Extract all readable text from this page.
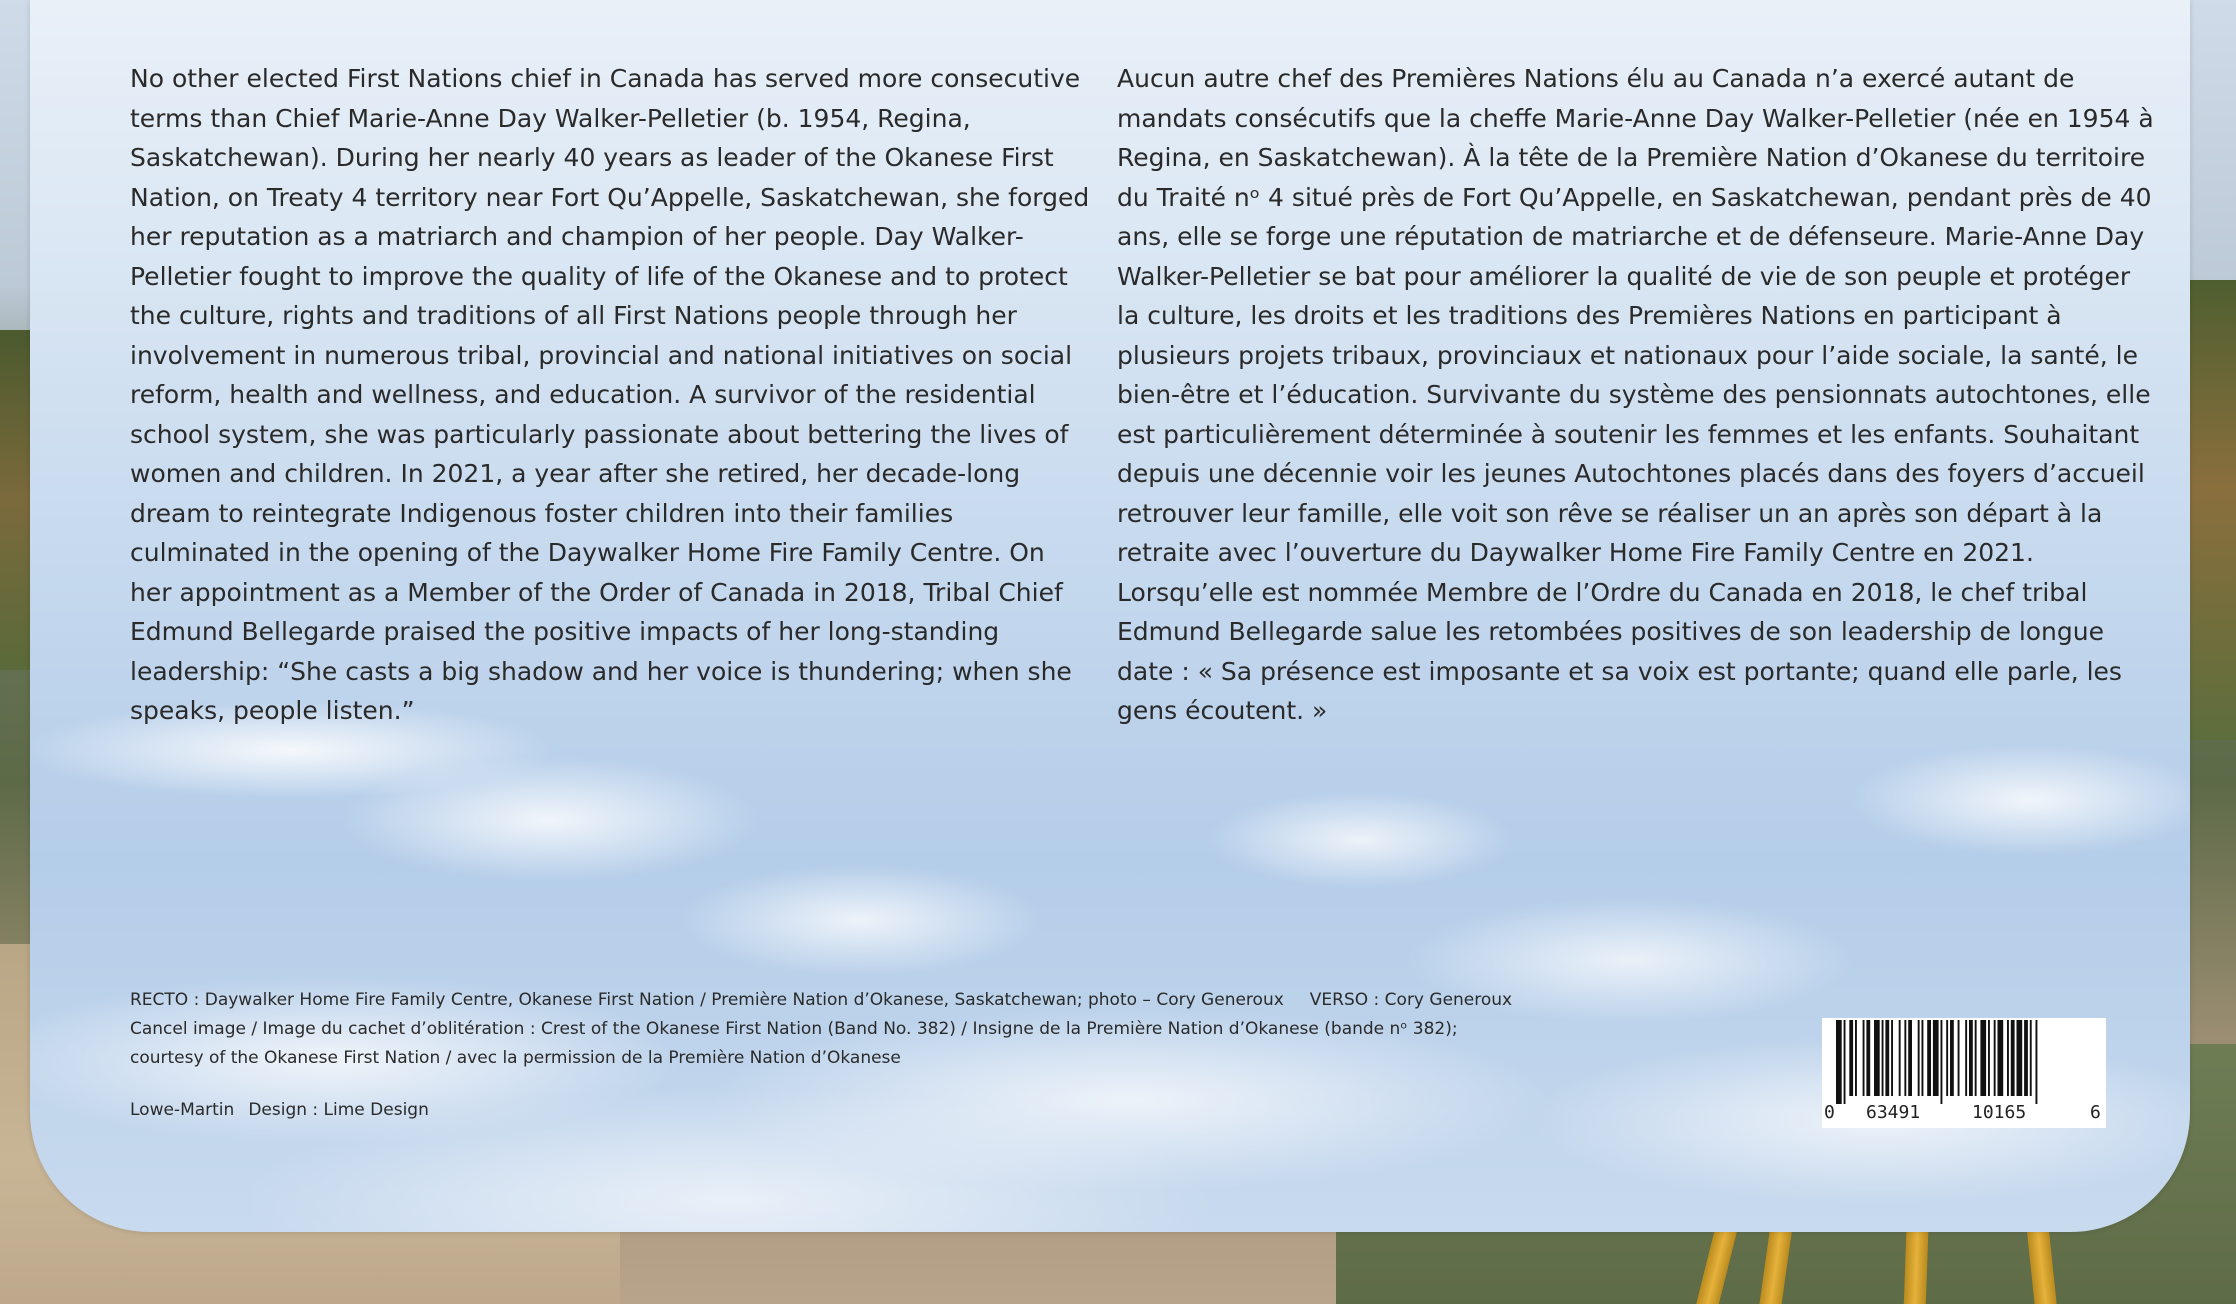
No other elected First Nations chief in Canada has served more consecutive terms than Chief Marie-Anne Day Walker-Pelletier (b. 1954, Regina, Saskatchewan). During her nearly 40 years as leader of the Okanese First Nation, on Treaty 4 territory near Fort Qu’Appelle, Saskatchewan, she forged her reputation as a matriarch and champion of her people. Day Walker-Pelletier fought to improve the quality of life of the Okanese and to protect the culture, rights and traditions of all First Nations people through her involvement in numerous tribal, provincial and national initiatives on social reform, health and wellness, and education. A survivor of the residential school system, she was particularly passionate about bettering the lives of women and children. In 2021, a year after she retired, her decade-long dream to reintegrate Indigenous foster children into their families culminated in the opening of the Daywalker Home Fire Family Centre. On her appointment as a Member of the Order of Canada in 2018, Tribal Chief Edmund Bellegarde praised the positive impacts of her long-standing leadership: “She casts a big shadow and her voice is thundering; when she speaks, people listen.”

Aucun autre chef des Premières Nations élu au Canada n’a exercé autant de mandats consécutifs que la cheffe Marie-Anne Day Walker-Pelletier (née en 1954 à Regina, en Saskatchewan). À la tête de la Première Nation d’Okanese du territoire du Traité nᵒ 4 situé près de Fort Qu’Appelle, en Saskatchewan, pendant près de 40 ans, elle se forge une réputation de matriarche et de défenseure. Marie-Anne Day Walker-Pelletier se bat pour améliorer la qualité de vie de son peuple et protéger la culture, les droits et les traditions des Premières Nations en participant à plusieurs projets tribaux, provinciaux et nationaux pour l’aide sociale, la santé, le bien-être et l’éducation. Survivante du système des pensionnats autochtones, elle est particulièrement déterminée à soutenir les femmes et les enfants. Souhaitant depuis une décennie voir les jeunes Autochtones placés dans des foyers d’accueil retrouver leur famille, elle voit son rêve se réaliser un an après son départ à la retraite avec l’ouverture du Daywalker Home Fire Family Centre en 2021. Lorsqu’elle est nommée Membre de l’Ordre du Canada en 2018, le chef tribal Edmund Bellegarde salue les retombées positives de son leadership de longue date : « Sa présence est imposante et sa voix est portante; quand elle parle, les gens écoutent. »

RECTO : Daywalker Home Fire Family Centre, Okanese First Nation / Première Nation d’Okanese, Saskatchewan; photo – Cory Generoux VERSO : Cory Generoux
Cancel image / Image du cachet d’oblitération : Crest of the Okanese First Nation (Band No. 382) / Insigne de la Première Nation d’Okanese (bande nᵒ 382);
courtesy of the Okanese First Nation / avec la permission de la Première Nation d’Okanese
Lowe-Martin Design : Lime Design	0 63491	10165	6
